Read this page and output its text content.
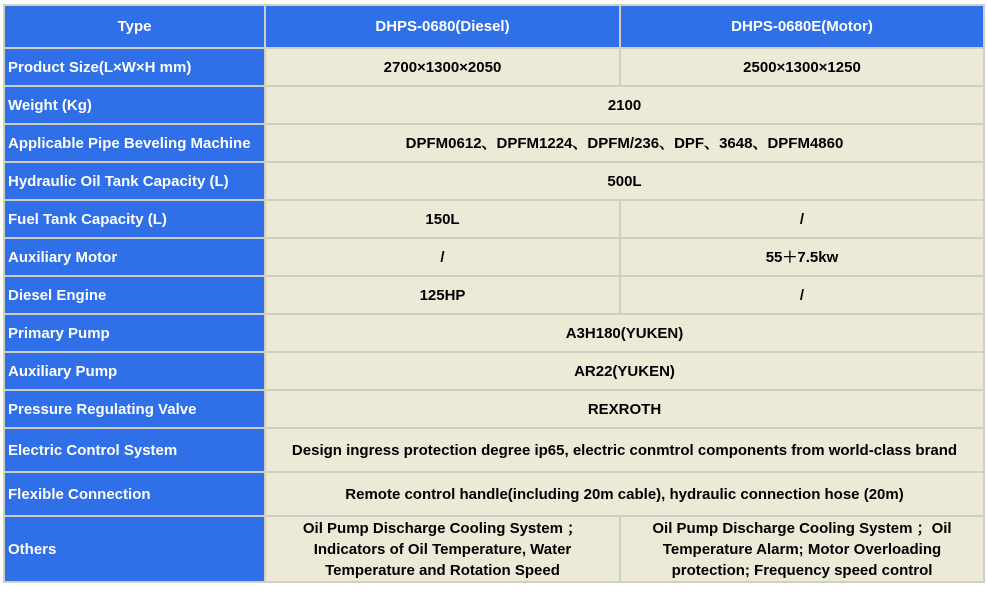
Type	DHPS-0680(Diesel)	DHPS-0680E(Motor)
Product Size(L×W×H mm)	2700×1300×2050	2500×1300×1250
Weight (Kg)	2100	
Applicable Pipe Beveling Machine	DPFM0612、DPFM1224、DPFM/236、DPF、3648、DPFM4860	
Hydraulic Oil Tank Capacity (L)	500L	
Fuel Tank Capacity (L)	150L	/
Auxiliary Motor	/	55＋7.5kw
Diesel Engine	125HP	/
Primary Pump	A3H180(YUKEN)	
Auxiliary Pump	AR22(YUKEN)	
Pressure Regulating Valve	REXROTH	
Electric Control System	Design ingress protection degree ip65, electric conmtrol components from world-class brand	
Flexible Connection	Remote control handle(including 20m cable), hydraulic connection hose (20m)	
Others	Oil Pump Discharge Cooling System ；Indicators of Oil Temperature, Water Temperature and Rotation Speed	Oil Pump Discharge Cooling System ；Oil Temperature Alarm; Motor Overloading protection; Frequency speed control
